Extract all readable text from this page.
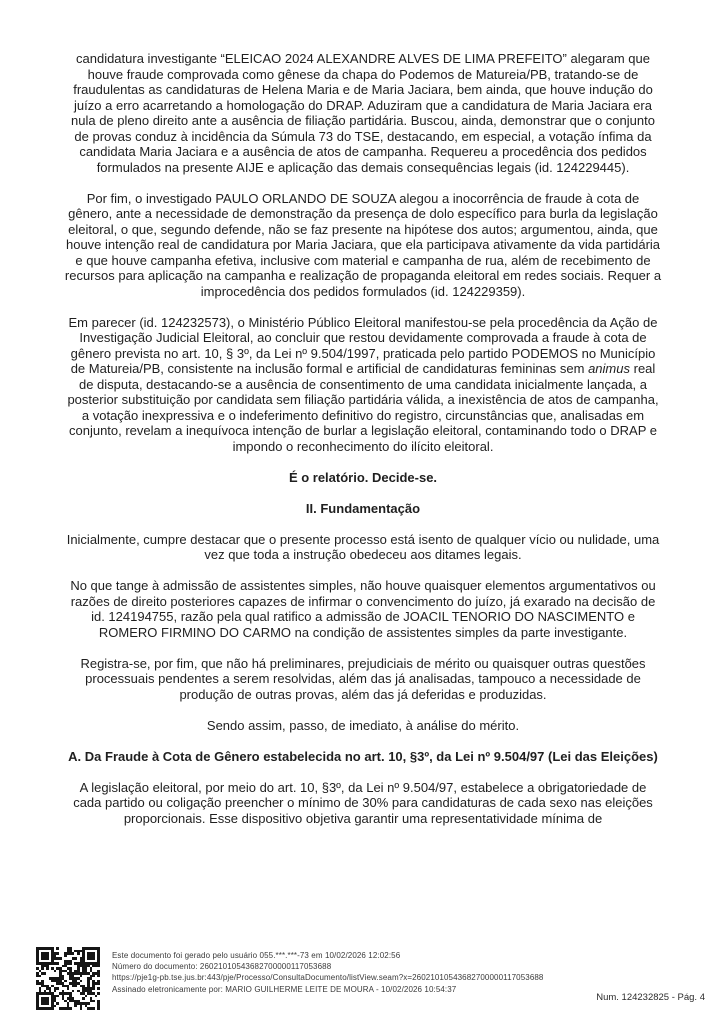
candidatura investigante “ELEICAO 2024 ALEXANDRE ALVES DE LIMA PREFEITO” alegaram que houve fraude comprovada como gênese da chapa do Podemos de Matureia/PB, tratando-se de fraudulentas as candidaturas de Helena Maria e de Maria Jaciara, bem ainda, que houve indução do juízo a erro acarretando a homologação do DRAP. Aduziram que a candidatura de Maria Jaciara era nula de pleno direito ante a ausência de filiação partidária. Buscou, ainda, demonstrar que o conjunto de provas conduz à incidência da Súmula 73 do TSE, destacando, em especial, a votação ínfima da candidata Maria Jaciara e a ausência de atos de campanha. Requereu a procedência dos pedidos formulados na presente AIJE e aplicação das demais consequências legais (id. 124229445).

Por fim, o investigado PAULO ORLANDO DE SOUZA alegou a inocorrência de fraude à cota de gênero, ante a necessidade de demonstração da presença de dolo específico para burla da legislação eleitoral, o que, segundo defende, não se faz presente na hipótese dos autos; argumentou, ainda, que houve intenção real de candidatura por Maria Jaciara, que ela participava ativamente da vida partidária e que houve campanha efetiva, inclusive com material e campanha de rua, além de recebimento de recursos para aplicação na campanha e realização de propaganda eleitoral em redes sociais. Requer a improcedência dos pedidos formulados (id. 124229359).

Em parecer (id. 124232573), o Ministério Público Eleitoral manifestou-se pela procedência da Ação de Investigação Judicial Eleitoral, ao concluir que restou devidamente comprovada a fraude à cota de gênero prevista no art. 10, § 3º, da Lei nº 9.504/1997, praticada pelo partido PODEMOS no Município de Matureia/PB, consistente na inclusão formal e artificial de candidaturas femininas sem animus real de disputa, destacando-se a ausência de consentimento de uma candidata inicialmente lançada, a posterior substituição por candidata sem filiação partidária válida, a inexistência de atos de campanha, a votação inexpressiva e o indeferimento definitivo do registro, circunstâncias que, analisadas em conjunto, revelam a inequívoca intenção de burlar a legislação eleitoral, contaminando todo o DRAP e impondo o reconhecimento do ilícito eleitoral.

É o relatório. Decide-se.
II. Fundamentação

Inicialmente, cumpre destacar que o presente processo está isento de qualquer vício ou nulidade, uma vez que toda a instrução obedeceu aos ditames legais.

No que tange à admissão de assistentes simples, não houve quaisquer elementos argumentativos ou razões de direito posteriores capazes de infirmar o convencimento do juízo, já exarado na decisão de id. 124194755, razão pela qual ratifico a admissão de JOACIL TENORIO DO NASCIMENTO e ROMERO FIRMINO DO CARMO na condição de assistentes simples da parte investigante.

Registra-se, por fim, que não há preliminares, prejudiciais de mérito ou quaisquer outras questões processuais pendentes a serem resolvidas, além das já analisadas, tampouco a necessidade de produção de outras provas, além das já deferidas e produzidas.

Sendo assim, passo, de imediato, à análise do mérito.

A. Da Fraude à Cota de Gênero estabelecida no art. 10, §3º, da Lei nº 9.504/97 (Lei das Eleições)

A legislação eleitoral, por meio do art. 10, §3º, da Lei nº 9.504/97, estabelece a obrigatoriedade de cada partido ou coligação preencher o mínimo de 30% para candidaturas de cada sexo nas eleições proporcionais. Esse dispositivo objetiva garantir uma representatividade mínima de

Este documento foi gerado pelo usuário 055.***.***-73 em 10/02/2026 12:02:56
Número do documento: 26021010543682700000117053688
https://pje1g-pb.tse.jus.br:443/pje/Processo/ConsultaDocumento/listView.seam?x=26021010543682700000117053688
Assinado eletronicamente por: MARIO GUILHERME LEITE DE MOURA - 10/02/2026 10:54:37
Num. 124232825 - Pág. 4
